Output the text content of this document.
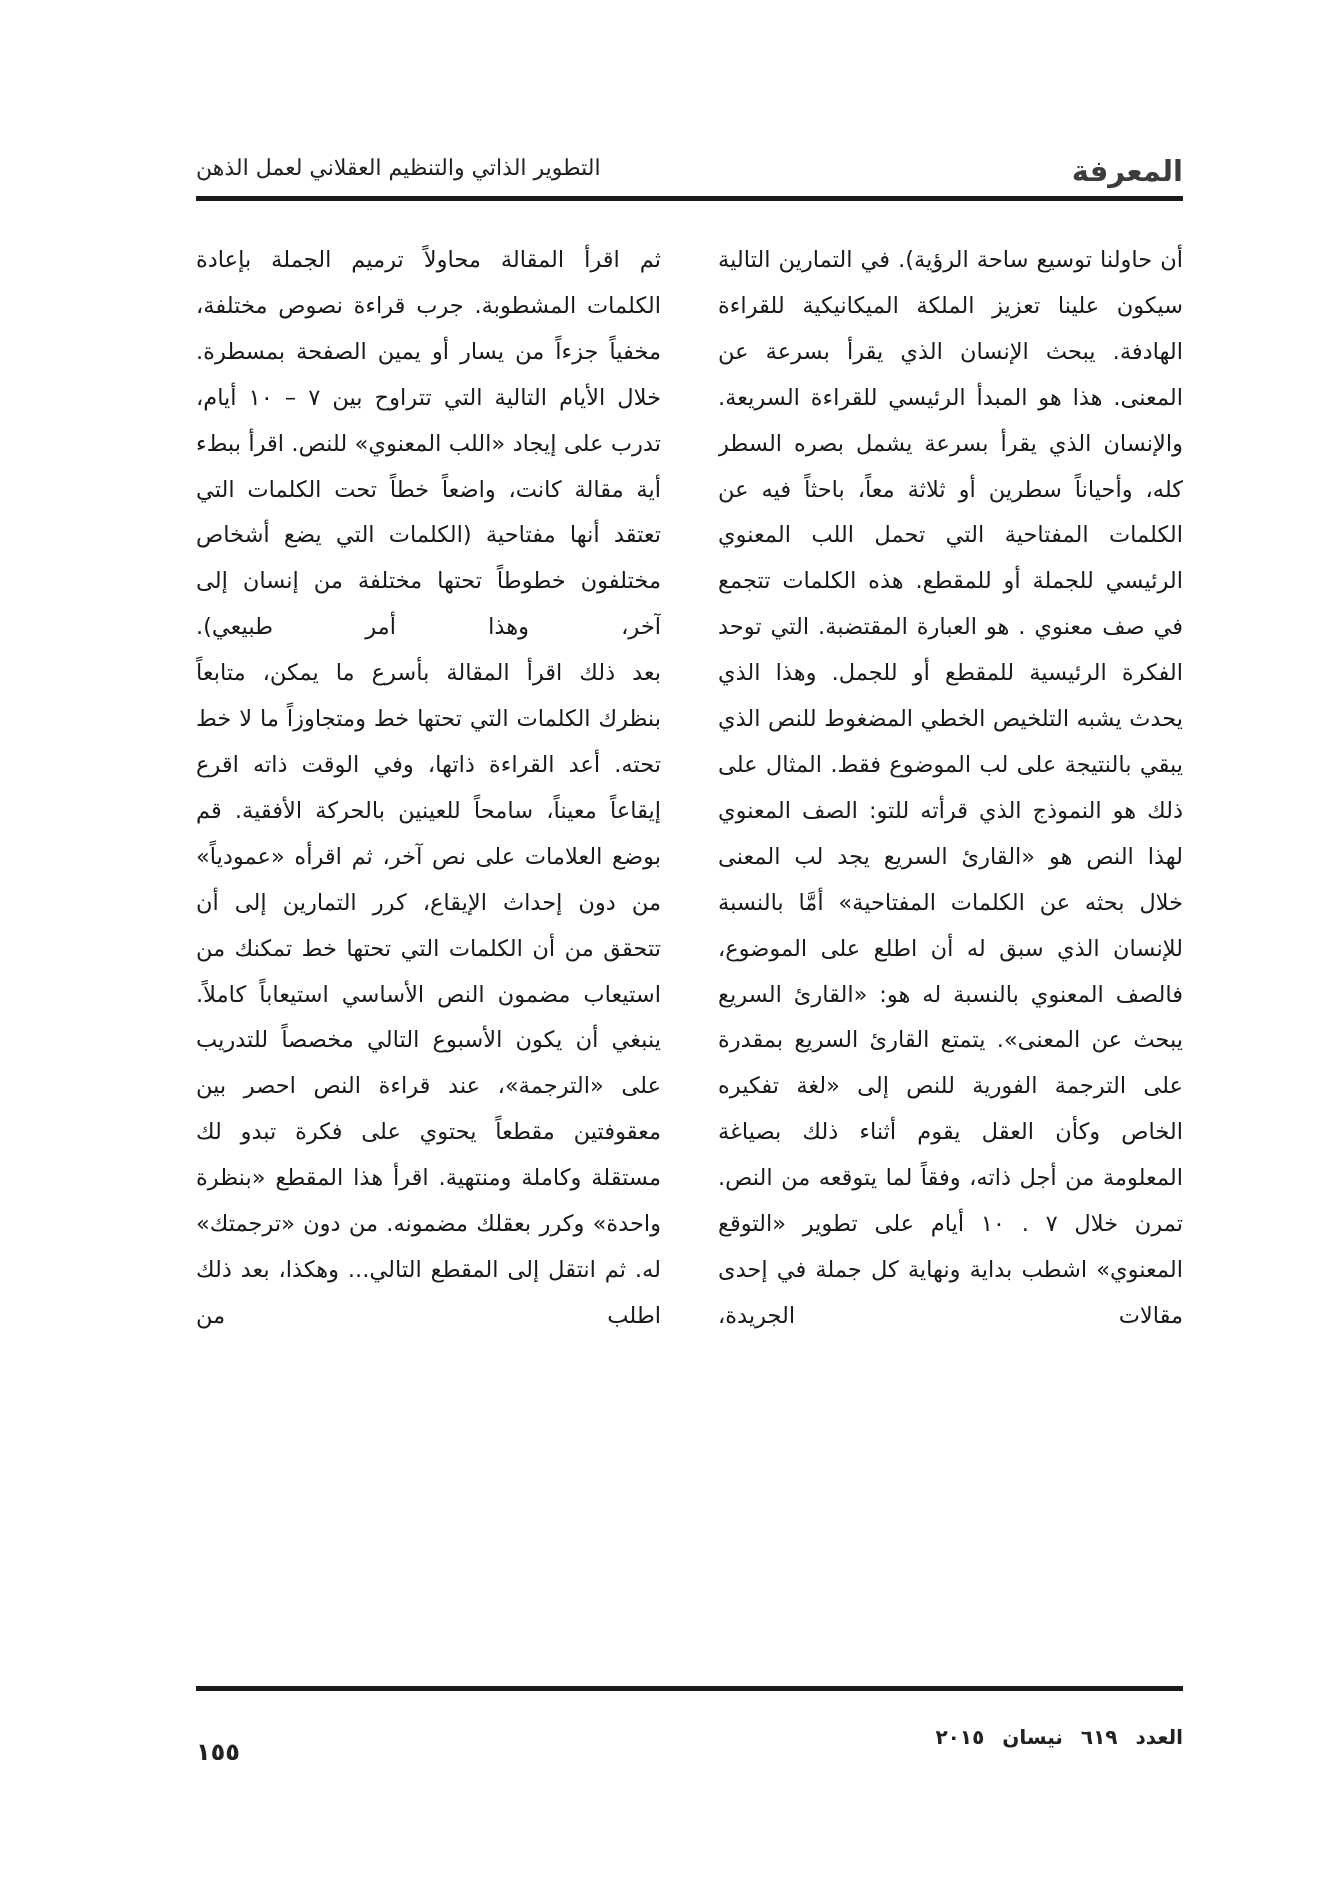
المعرفة
التطوير الذاتي والتنظيم العقلاني لعمل الذهن

أن حاولنا توسيع ساحة الرؤية). في التمارين التالية سيكون علينا تعزيز الملكة الميكانيكية للقراءة الهادفة. يبحث الإنسان الذي يقرأ بسرعة عن المعنى. هذا هو المبدأ الرئيسي للقراءة السريعة. والإنسان الذي يقرأ بسرعة يشمل بصره السطر كله، وأحياناً سطرين أو ثلاثة معاً، باحثاً فيه عن الكلمات المفتاحية التي تحمل اللب المعنوي الرئيسي للجملة أو للمقطع. هذه الكلمات تتجمع في صف معنوي . هو العبارة المقتضبة. التي توحد الفكرة الرئيسية للمقطع أو للجمل. وهذا الذي يحدث يشبه التلخيص الخطي المضغوط للنص الذي يبقي بالنتيجة على لب الموضوع فقط. المثال على ذلك هو النموذج الذي قرأته للتو: الصف المعنوي لهذا النص هو «القارئ السريع يجد لب المعنى خلال بحثه عن الكلمات المفتاحية» أمَّا بالنسبة للإنسان الذي سبق له أن اطلع على الموضوع، فالصف المعنوي بالنسبة له هو: «القارئ السريع يبحث عن المعنى». يتمتع القارئ السريع بمقدرة على الترجمة الفورية للنص إلى «لغة تفكيره الخاص وكأن العقل يقوم أثناء ذلك بصياغة المعلومة من أجل ذاته، وفقاً لما يتوقعه من النص. تمرن خلال ٧ . ١٠ أيام على تطوير «التوقع المعنوي» اشطب بداية ونهاية كل جملة في إحدى مقالات الجريدة،

ثم اقرأ المقالة محاولاً ترميم الجملة بإعادة الكلمات المشطوبة. جرب قراءة نصوص مختلفة، مخفياً جزءاً من يسار أو يمين الصفحة بمسطرة. خلال الأيام التالية التي تتراوح بين ٧ – ١٠ أيام، تدرب على إيجاد «اللب المعنوي» للنص. اقرأ ببطء أية مقالة كانت، واضعاً خطاً تحت الكلمات التي تعتقد أنها مفتاحية (الكلمات التي يضع أشخاص مختلفون خطوطاً تحتها مختلفة من إنسان إلى آخر، وهذا أمر طبيعي).

بعد ذلك اقرأ المقالة بأسرع ما يمكن، متابعاً بنظرك الكلمات التي تحتها خط ومتجاوزاً ما لا خط تحته. أعد القراءة ذاتها، وفي الوقت ذاته اقرع إيقاعاً معيناً، سامحاً للعينين بالحركة الأفقية. قم بوضع العلامات على نص آخر، ثم اقرأه «عمودياً» من دون إحداث الإيقاع، كرر التمارين إلى أن تتحقق من أن الكلمات التي تحتها خط تمكنك من استيعاب مضمون النص الأساسي استيعاباً كاملاً. ينبغي أن يكون الأسبوع التالي مخصصاً للتدريب على «الترجمة»، عند قراءة النص احصر بين معقوفتين مقطعاً يحتوي على فكرة تبدو لك مستقلة وكاملة ومنتهية. اقرأ هذا المقطع «بنظرة واحدة» وكرر بعقلك مضمونه. من دون «ترجمتك» له. ثم انتقل إلى المقطع التالي... وهكذا، بعد ذلك اطلب من

العدد٦١٩نيسان٢٠١٥
١٥٥
